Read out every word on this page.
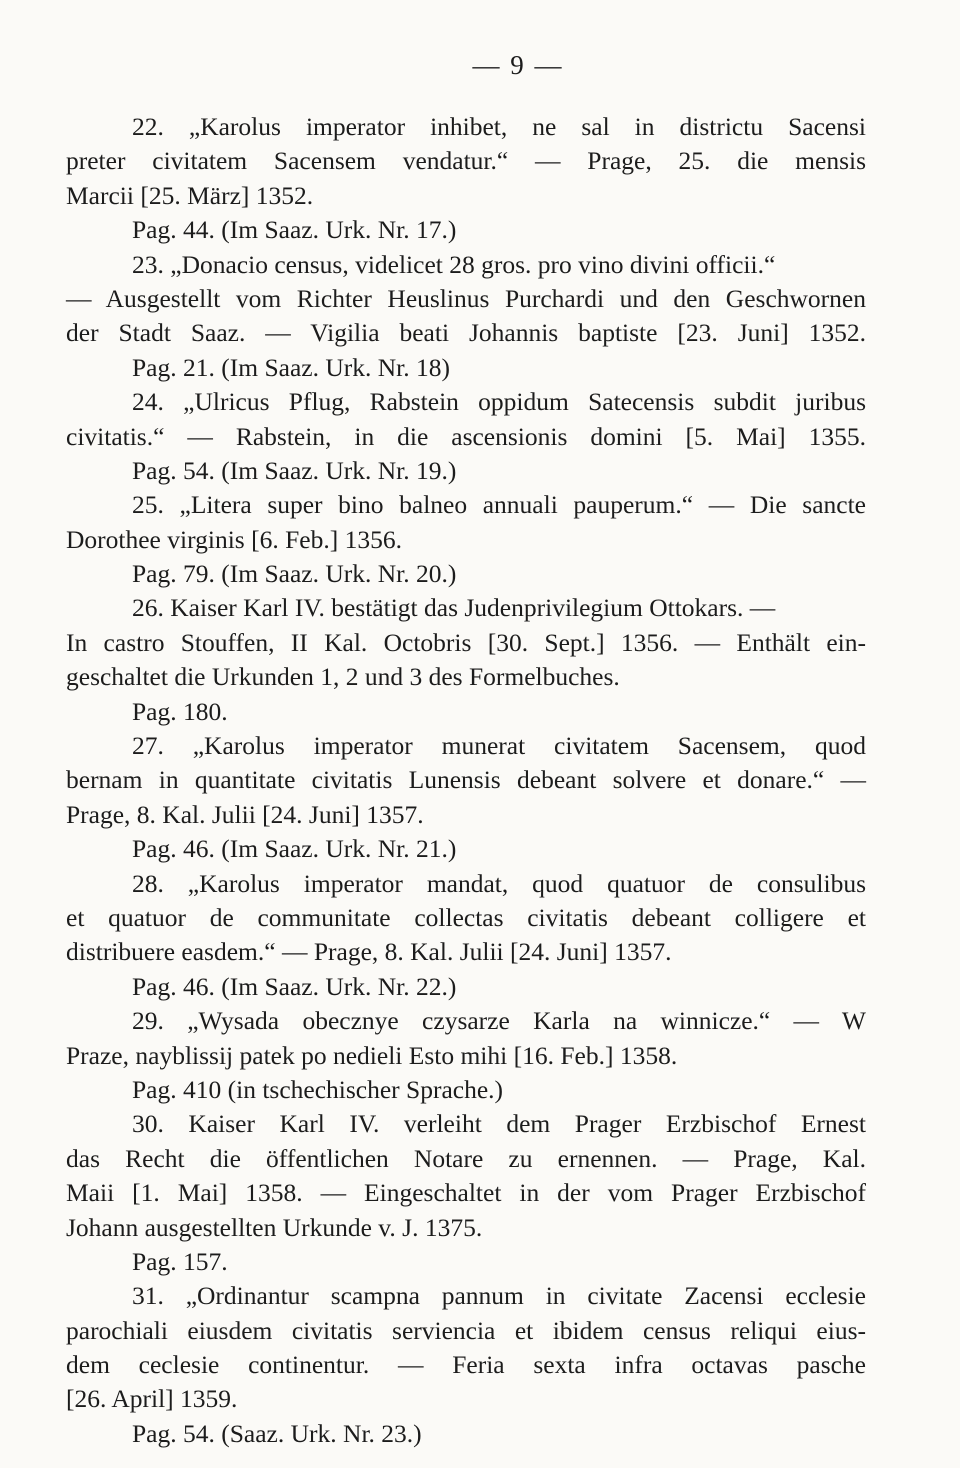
— 9 —
22. „Karolus imperator inhibet, ne sal in districtu Sacensi
preter civitatem Sacensem vendatur.“ — Prage, 25. die mensis
Marcii [25. März] 1352.
Pag. 44. (Im Saaz. Urk. Nr. 17.)
23. „Donacio census, videlicet 28 gros. pro vino divini officii.“
— Ausgestellt vom Richter Heuslinus Purchardi und den Geschwornen
der Stadt Saaz. — Vigilia beati Johannis baptiste [23. Juni] 1352.
Pag. 21. (Im Saaz. Urk. Nr. 18)
24. „Ulricus Pflug, Rabstein oppidum Satecensis subdit juribus
civitatis.“ — Rabstein, in die ascensionis domini [5. Mai] 1355.
Pag. 54. (Im Saaz. Urk. Nr. 19.)
25. „Litera super bino balneo annuali pauperum.“ — Die sancte
Dorothee virginis [6. Feb.] 1356.
Pag. 79. (Im Saaz. Urk. Nr. 20.)
26. Kaiser Karl IV. bestätigt das Judenprivilegium Ottokars. —
In castro Stouffen, II Kal. Octobris [30. Sept.] 1356. — Enthält ein-
geschaltet die Urkunden 1, 2 und 3 des Formelbuches.
Pag. 180.
27. „Karolus imperator munerat civitatem Sacensem, quod
bernam in quantitate civitatis Lunensis debeant solvere et donare.“ —
Prage, 8. Kal. Julii [24. Juni] 1357.
Pag. 46. (Im Saaz. Urk. Nr. 21.)
28. „Karolus imperator mandat, quod quatuor de consulibus
et quatuor de communitate collectas civitatis debeant colligere et
distribuere easdem.“ — Prage, 8. Kal. Julii [24. Juni] 1357.
Pag. 46. (Im Saaz. Urk. Nr. 22.)
29. „Wysada obecznye czysarze Karla na winnicze.“ — W
Praze, nayblissij patek po nedieli Esto mihi [16. Feb.] 1358.
Pag. 410 (in tschechischer Sprache.)
30. Kaiser Karl IV. verleiht dem Prager Erzbischof Ernest
das Recht die öffentlichen Notare zu ernennen. — Prage, Kal.
Maii [1. Mai] 1358. — Eingeschaltet in der vom Prager Erzbischof
Johann ausgestellten Urkunde v. J. 1375.
Pag. 157.
31. „Ordinantur scampna pannum in civitate Zacensi ecclesie
parochiali eiusdem civitatis serviencia et ibidem census reliqui eius-
dem ceclesie continentur. — Feria sexta infra octavas pasche
[26. April] 1359.
Pag. 54. (Saaz. Urk. Nr. 23.)
